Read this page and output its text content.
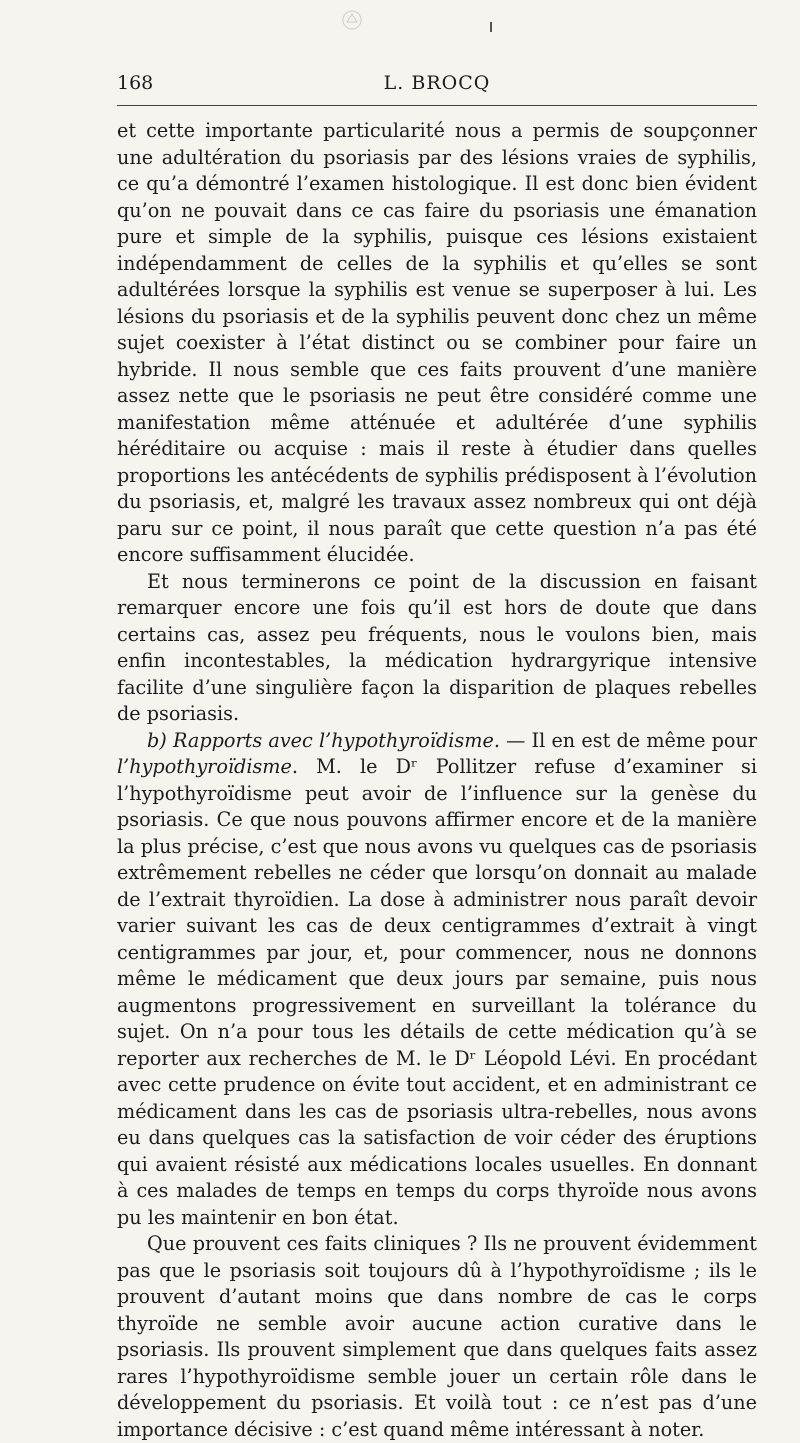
168	L. BROCQ

et cette importante particularité nous a permis de soupçonner une adultération du psoriasis par des lésions vraies de syphilis, ce qu’a démontré l’examen histologique. Il est donc bien évident qu’on ne pouvait dans ce cas faire du psoriasis une émanation pure et simple de la syphilis, puisque ces lésions existaient indépendamment de celles de la syphilis et qu’elles se sont adultérées lorsque la syphilis est venue se superposer à lui. Les lésions du psoriasis et de la syphilis peuvent donc chez un même sujet coexister à l’état distinct ou se combiner pour faire un hybride. Il nous semble que ces faits prouvent d’une manière assez nette que le psoriasis ne peut être considéré comme une manifestation même atténuée et adultérée d’une syphilis héréditaire ou acquise : mais il reste à étudier dans quelles proportions les antécédents de syphilis prédisposent à l’évolution du psoriasis, et, malgré les travaux assez nombreux qui ont déjà paru sur ce point, il nous paraît que cette question n’a pas été encore suffisamment élucidée.

Et nous terminerons ce point de la discussion en faisant remarquer encore une fois qu’il est hors de doute que dans certains cas, assez peu fréquents, nous le voulons bien, mais enfin incontestables, la médication hydrargyrique intensive facilite d’une singulière façon la disparition de plaques rebelles de psoriasis.

b) Rapports avec l’hypothyroïdisme. — Il en est de même pour l’hypothyroïdisme. M. le Dʳ Pollitzer refuse d’examiner si l’hypothyroïdisme peut avoir de l’influence sur la genèse du psoriasis. Ce que nous pouvons affirmer encore et de la manière la plus précise, c’est que nous avons vu quelques cas de psoriasis extrêmement rebelles ne céder que lorsqu’on donnait au malade de l’extrait thyroïdien. La dose à administrer nous paraît devoir varier suivant les cas de deux centigrammes d’extrait à vingt centigrammes par jour, et, pour commencer, nous ne donnons même le médicament que deux jours par semaine, puis nous augmentons progressivement en surveillant la tolérance du sujet. On n’a pour tous les détails de cette médication qu’à se reporter aux recherches de M. le Dʳ Léopold Lévi. En procédant avec cette prudence on évite tout accident, et en administrant ce médicament dans les cas de psoriasis ultra-rebelles, nous avons eu dans quelques cas la satisfaction de voir céder des éruptions qui avaient résisté aux médications locales usuelles. En donnant à ces malades de temps en temps du corps thyroïde nous avons pu les maintenir en bon état.

Que prouvent ces faits cliniques ? Ils ne prouvent évidemment pas que le psoriasis soit toujours dû à l’hypothyroïdisme ; ils le prouvent d’autant moins que dans nombre de cas le corps thyroïde ne semble avoir aucune action curative dans le psoriasis. Ils prouvent simplement que dans quelques faits assez rares l’hypothyroïdisme semble jouer un certain rôle dans le développement du psoriasis. Et voilà tout : ce n’est pas d’une importance décisive : c’est quand même intéressant à noter.
